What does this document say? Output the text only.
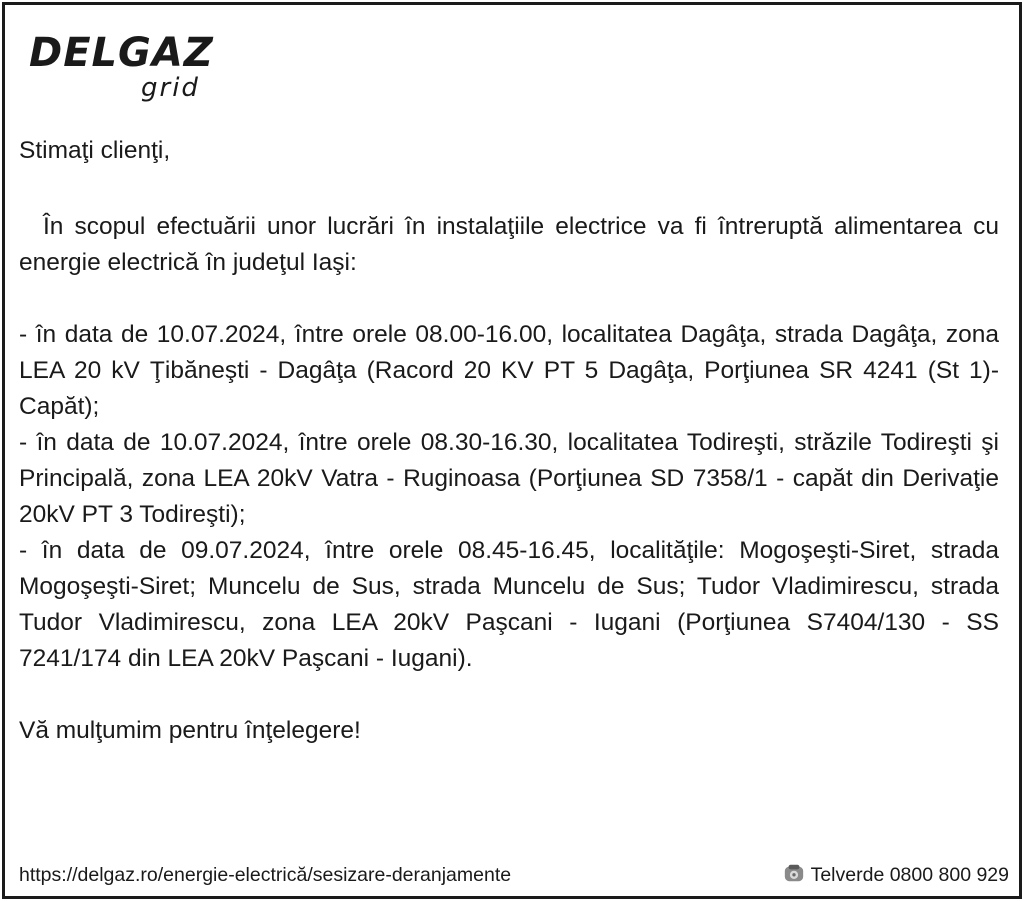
DELGAZ
grid

Stimaţi clienţi,

În scopul efectuării unor lucrări în instalaţiile electrice va fi întreruptă alimentarea cu energie electrică în judeţul Iaşi:

- în data de 10.07.2024, între orele 08.00-16.00, localitatea Dagâţa, strada Dagâţa, zona LEA 20 kV Ţibăneşti - Dagâţa (Racord 20 KV PT 5 Dagâţa, Porţiunea SR 4241 (St 1)-Capăt);

- în data de 10.07.2024, între orele 08.30-16.30, localitatea Todireşti, străzile Todireşti şi Principală, zona LEA 20kV Vatra - Ruginoasa (Porţiunea SD 7358/1 - capăt din Derivaţie 20kV PT 3 Todireşti);

- în data de 09.07.2024, între orele 08.45-16.45, localităţile: Mogoşeşti-Siret, strada Mogoşeşti-Siret; Muncelu de Sus, strada Muncelu de Sus; Tudor Vladimirescu, strada Tudor Vladimirescu, zona LEA 20kV Paşcani - Iugani (Porţiunea S7404/130 - SS 7241/174 din LEA 20kV Paşcani - Iugani).

Vă mulţumim pentru înţelegere!

https://delgaz.ro/energie-electrică/sesizare-deranjamente	Telverde 0800 800 929
